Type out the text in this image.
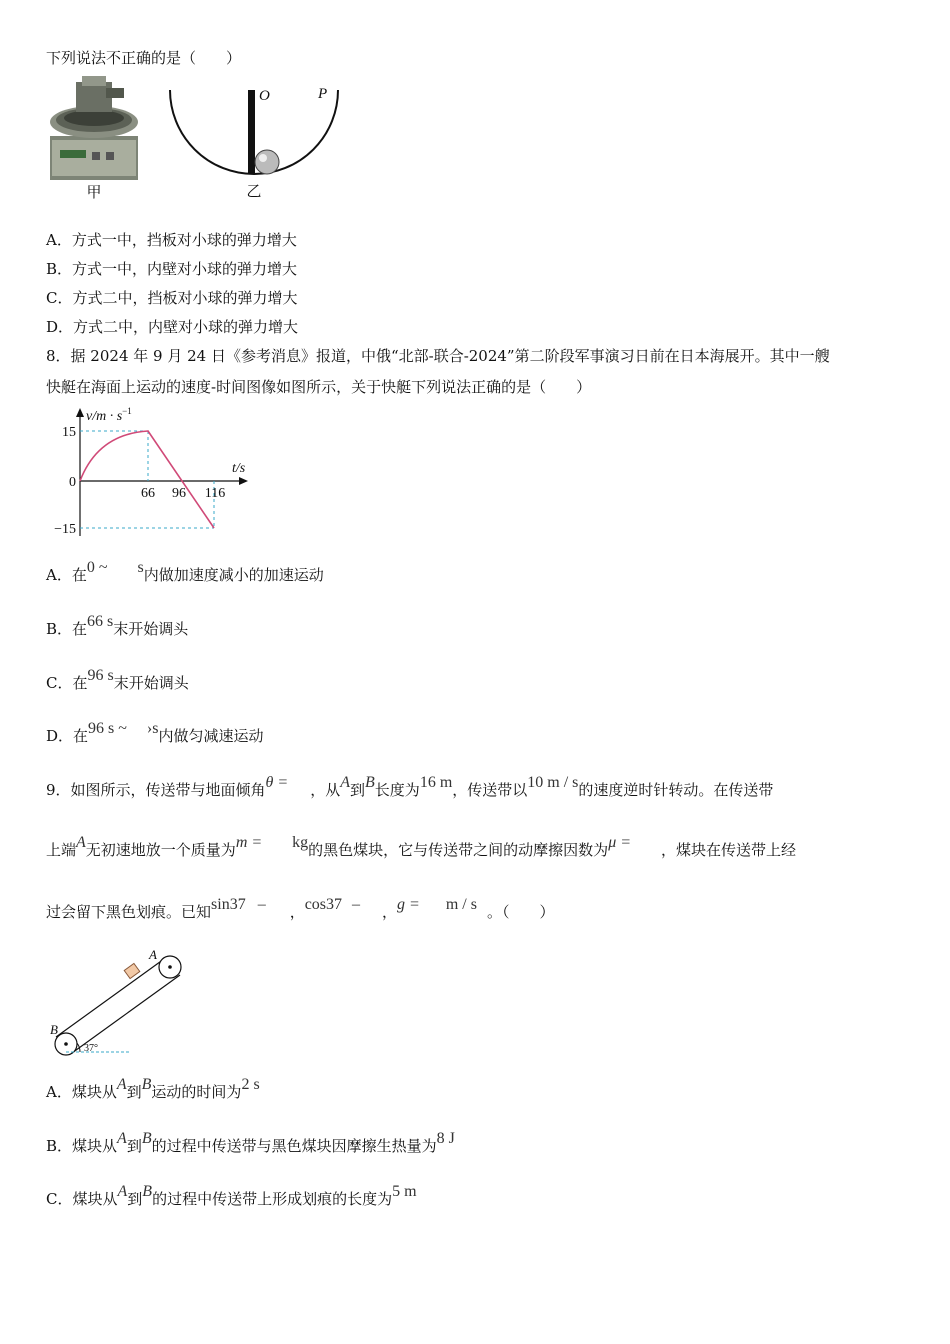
下列说法不正确的是（　　）
甲
O	P
乙
A．方式一中，挡板对小球的弹力增大
B．方式一中，内壁对小球的弹力增大
C．方式二中，挡板对小球的弹力增大
D．方式二中，内壁对小球的弹力增大
8．据 2024 年 9 月 24 日《参考消息》报道，中俄“北部-联合-2024”第二阶段军事演习日前在日本海展开。其中一艘
快艇在海面上运动的速度-时间图像如图所示，关于快艇下列说法正确的是（　　）
$v/m \cdot s^{-1}$
t/s
15
0
−15
66 96 116
A．在0 ~ s内做加速度减小的加速运动
B．在66 s末开始调头
C．在96 s末开始调头
D．在96 s ~ ›s内做匀减速运动
9．如图所示，传送带与地面倾角θ = ，从A到B长度为16 m，传送带以10 m / s的速度逆时针转动。在传送带
上端A无初速地放一个质量为m = kg的黑色煤块，它与传送带之间的动摩擦因数为μ = ，煤块在传送带上经
过会留下黑色划痕。已知sin37 – ，cos37 – ，g = m / s 。（　　）
A
B
37°
A．煤块从A到B运动的时间为2 s
B．煤块从A到B的过程中传送带与黑色煤块因摩擦生热量为8 J
C．煤块从A到B的过程中传送带上形成划痕的长度为5 m
